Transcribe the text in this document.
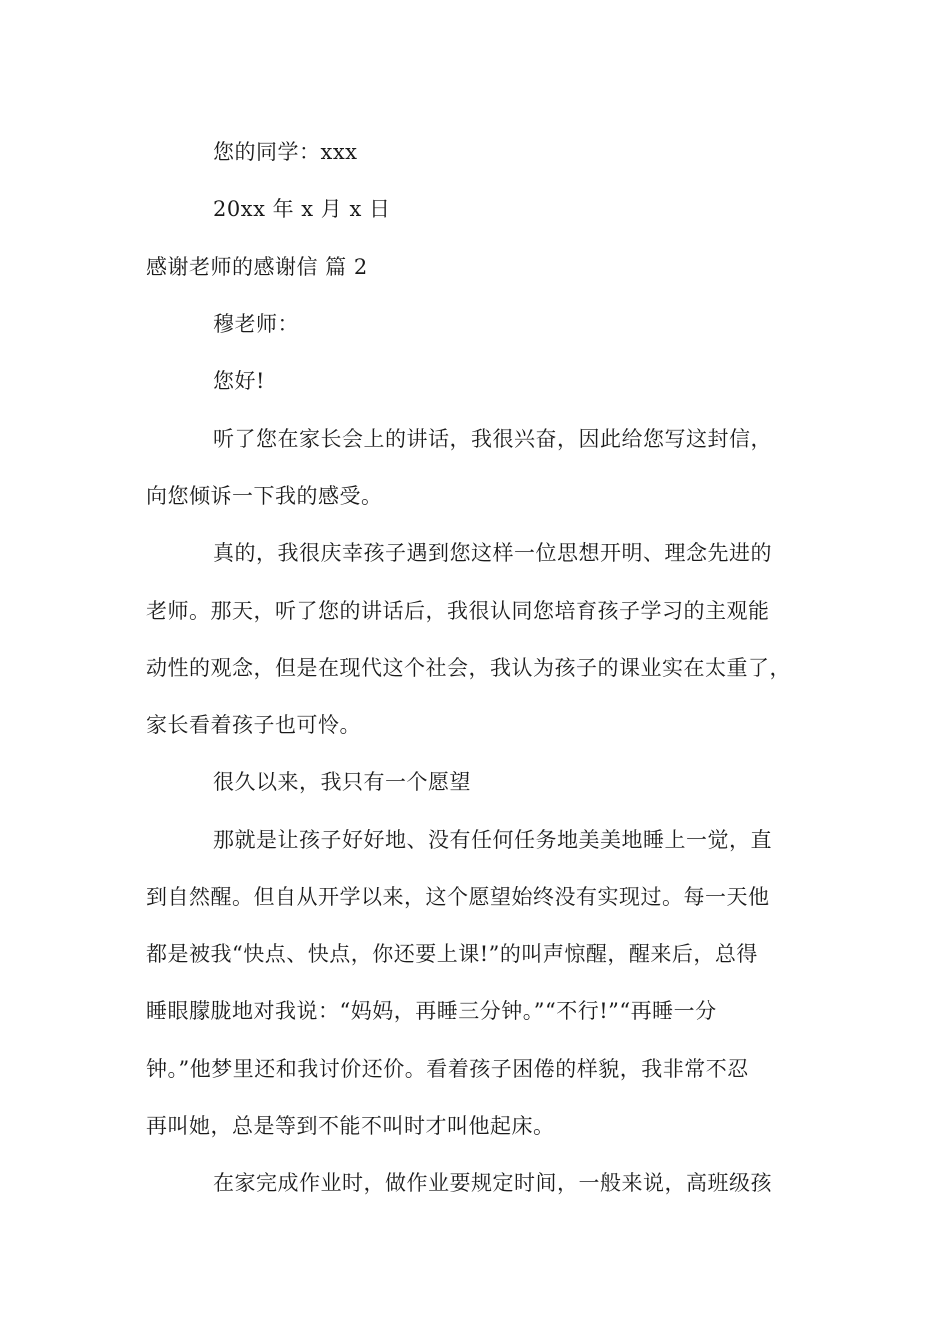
您的同学：xxx
20xx 年 x 月 x 日
感谢老师的感谢信 篇 2
穆老师：
您好!
听了您在家长会上的讲话，我很兴奋，因此给您写这封信，
向您倾诉一下我的感受。
真的，我很庆幸孩子遇到您这样一位思想开明、理念先进的
老师。那天，听了您的讲话后，我很认同您培育孩子学习的主观能
动性的观念，但是在现代这个社会，我认为孩子的课业实在太重了，
家长看着孩子也可怜。
很久以来，我只有一个愿望
那就是让孩子好好地、没有任何任务地美美地睡上一觉，直
到自然醒。但自从开学以来，这个愿望始终没有实现过。每一天他
都是被我“快点、快点，你还要上课!”的叫声惊醒，醒来后，总得
睡眼朦胧地对我说：“妈妈，再睡三分钟。”“不行!”“再睡一分
钟。”他梦里还和我讨价还价。看着孩子困倦的样貌，我非常不忍
再叫她，总是等到不能不叫时才叫他起床。
在家完成作业时，做作业要规定时间，一般来说，高班级孩
